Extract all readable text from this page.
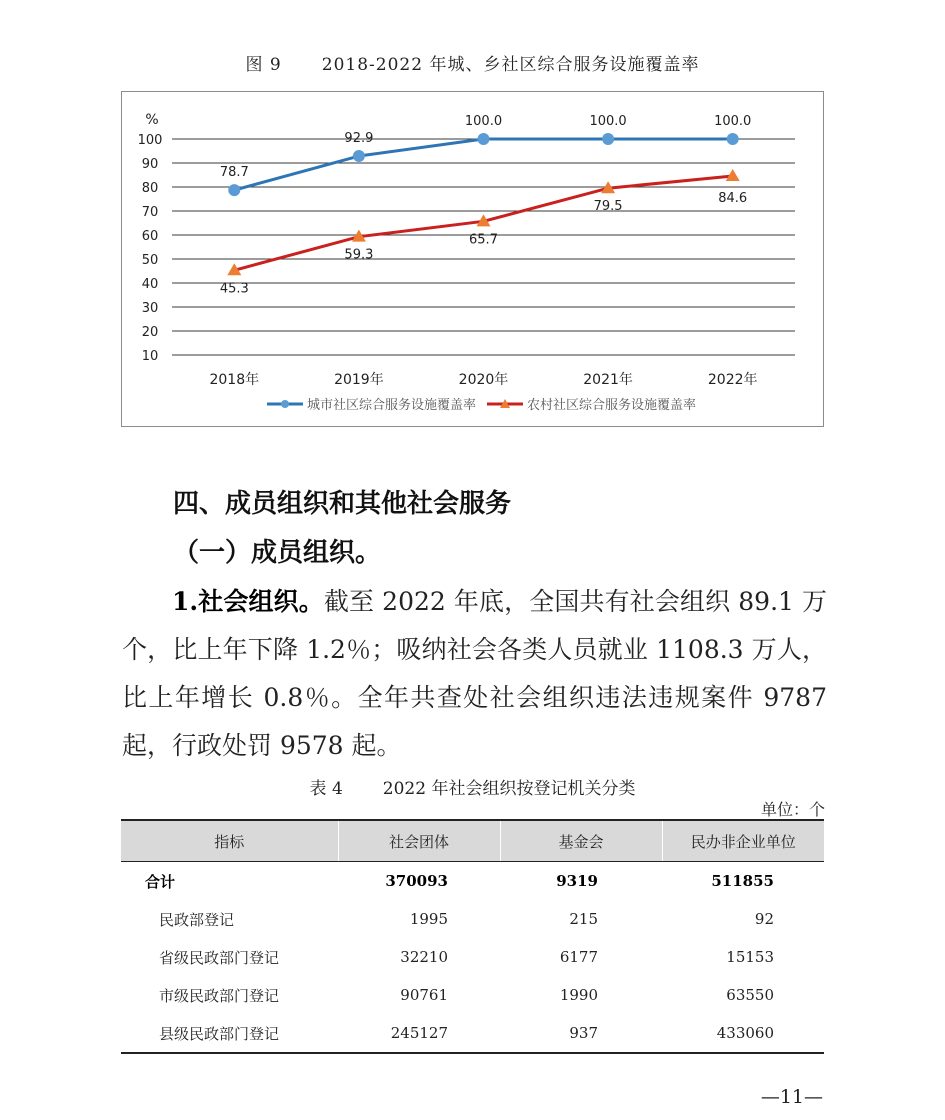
图 9 2018-2022 年城、乡社区综合服务设施覆盖率
%
10
20
30
40
50
60
70
80
90
100
2018年	2019年	2020年	2021年	2022年
78.7
92.9
100.0	100.0	100.0
45.3
59.3
65.7
79.5
84.6
城市社区综合服务设施覆盖率	农村社区综合服务设施覆盖率
四、成员组织和其他社会服务
（一）成员组织。
1.社会组织。截至 2022 年底，全国共有社会组织 89.1 万个，比上年下降 1.2％；吸纳社会各类人员就业 1108.3 万人，比上年增长 0.8％。全年共查处社会组织违法违规案件 9787 起，行政处罚 9578 起。
表 4 2022 年社会组织按登记机关分类
单位：个
指标	社会团体	基金会	民办非企业单位
合计	370093	9319	511855
民政部登记	1995	215	92
省级民政部门登记	32210	6177	15153
市级民政部门登记	90761	1990	63550
县级民政部门登记	245127	937	433060
—11—
